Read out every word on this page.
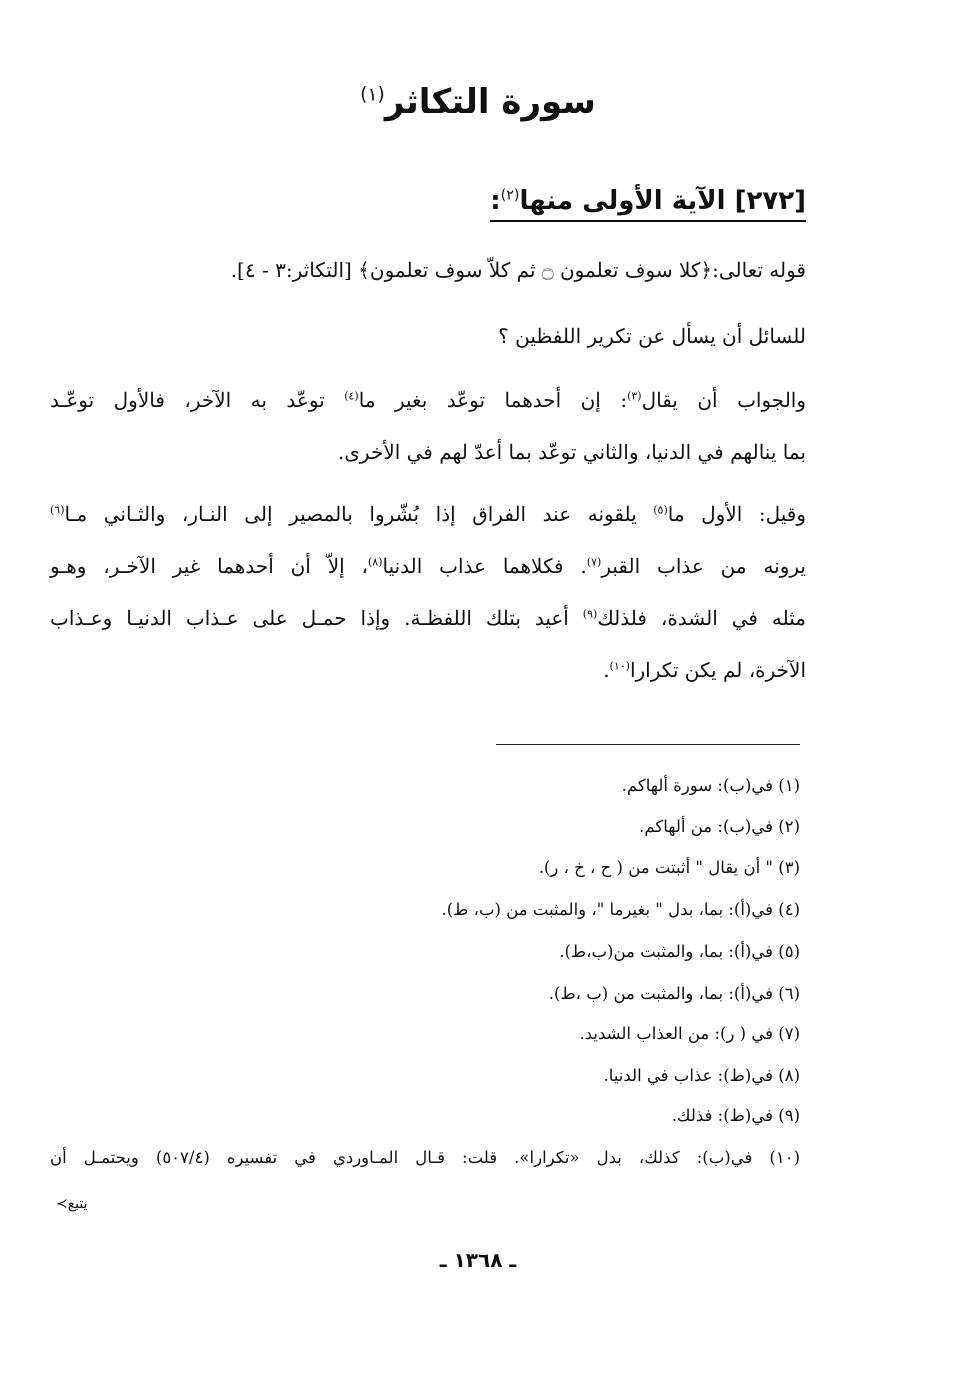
سورة التكاثر$^{(١)}$
[٢٧٢] الآية الأولى منها$^{(٢)}$:
قوله تعالى:﴿كلا سوف تعلمون ۝ ثم كلاّ سوف تعلمون﴾ [التكاثر:٣ - ٤].
للسائل أن يسأل عن تكرير اللفظين ؟
والجواب أن يقال$^{(٣)}$: إن أحدهما توعّد بغير ما$^{(٤)}$ توعّد به الآخر، فالأول توعّـد
بما ينالهم في الدنيا، والثاني توعّد بما أعدّ لهم في الأخرى.
وقيل: الأول ما$^{(٥)}$ يلقونه عند الفراق إذا بُشّروا بالمصير إلى النـار، والثـاني مـا$^{(٦)}$
يرونه من عذاب القبر$^{(٧)}$. فكلاهما عذاب الدنيا$^{(٨)}$، إلاّ أن أحدهما غير الآخـر، وهـو
مثله في الشدة، فلذلك$^{(٩)}$ أعيد بتلك اللفظـة. وإذا حمـل على عـذاب الدنيـا وعـذاب
الآخرة، لم يكن تكرارا$^{(١٠)}$.
(١) في(ب): سورة ألهاكم.
(٢) في(ب): من ألهاكم.
(٣) " أن يقال " أثبتت من ( ح ، خ ، ر).
(٤) في(أ): بما، بدل " بغيرما "، والمثبت من (ب، ط).
(٥) في(أ): بما، والمثبت من(ب،ط).
(٦) في(أ): بما، والمثبت من (ب ،ط).
(٧) في ( ر): من العذاب الشديد.
(٨) في(ط): عذاب في الدنيا.
(٩) في(ط): فذلك.
(١٠) في(ب): كذلك، بدل «تكرارا». قلت: قـال المـاوردي في تفسيره (٥٠٧/٤) ويحتمـل أن
يتبع≻
ـ ١٣٦٨ ـ
